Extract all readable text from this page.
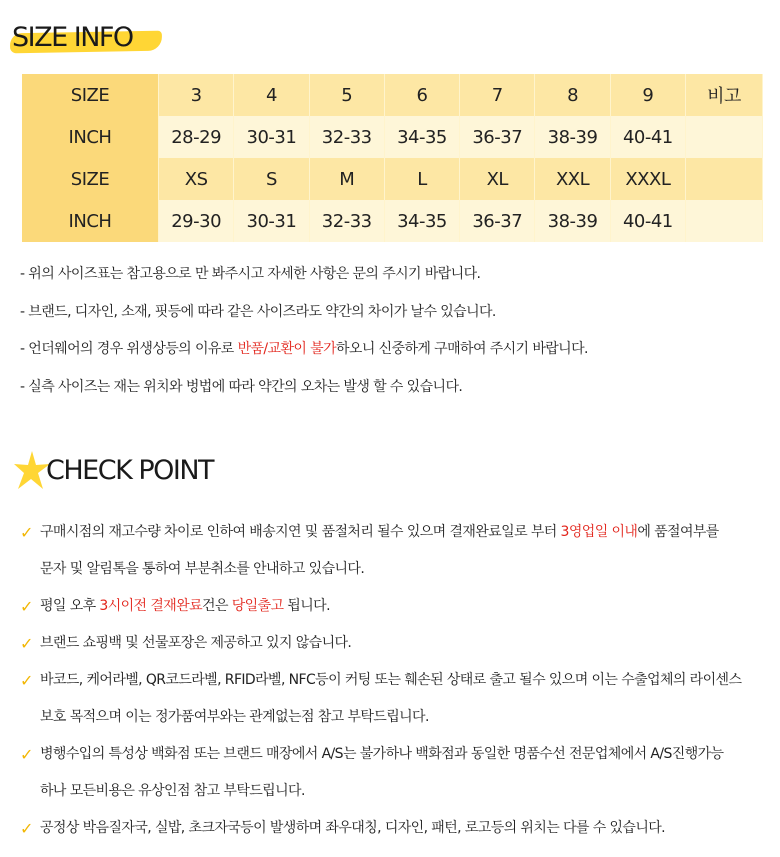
SIZE INFO
SIZE	3	4	5	6	7	8	9	비고
INCH	28-29	30-31	32-33	34-35	36-37	38-39	40-41	
SIZE	XS	S	M	L	XL	XXL	XXXL	
INCH	29-30	30-31	32-33	34-35	36-37	38-39	40-41	
- 위의 사이즈표는 참고용으로 만 봐주시고 자세한 사항은 문의 주시기 바랍니다.
- 브랜드, 디자인, 소재, 핏등에 따라 같은 사이즈라도 약간의 차이가 날수 있습니다.
- 언더웨어의 경우 위생상등의 이유로 반품/교환이 불가하오니 신중하게 구매하여 주시기 바랍니다.
- 실측 사이즈는 재는 위치와 벙법에 따라 약간의 오차는 발생 할 수 있습니다.
CHECK POINT
✓ 구매시점의 재고수량 차이로 인하여 배송지연 및 품절처리 될수 있으며 결재완료일로 부터 3영업일 이내에 품절여부를
문자 및 알림톡을 통하여 부분취소를 안내하고 있습니다.
✓ 평일 오후 3시이전 결재완료건은 당일출고 됩니다.
✓ 브랜드 쇼핑백 및 선물포장은 제공하고 있지 않습니다.
✓ 바코드, 케어라벨, QR코드라벨, RFID라벨, NFC등이 커팅 또는 훼손된 상태로 출고 될수 있으며 이는 수출업체의 라이센스
보호 목적으며 이는 정가품여부와는 관계없는점 참고 부탁드립니다.
✓ 병행수입의 특성상 백화점 또는 브랜드 매장에서 A/S는 불가하나 백화점과 동일한 명품수선 전문업체에서 A/S진행가능
하나 모든비용은 유상인점 참고 부탁드립니다.
✓ 공정상 박음질자국, 실밥, 초크자국등이 발생하며 좌우대칭, 디자인, 패턴, 로고등의 위치는 다를 수 있습니다.
